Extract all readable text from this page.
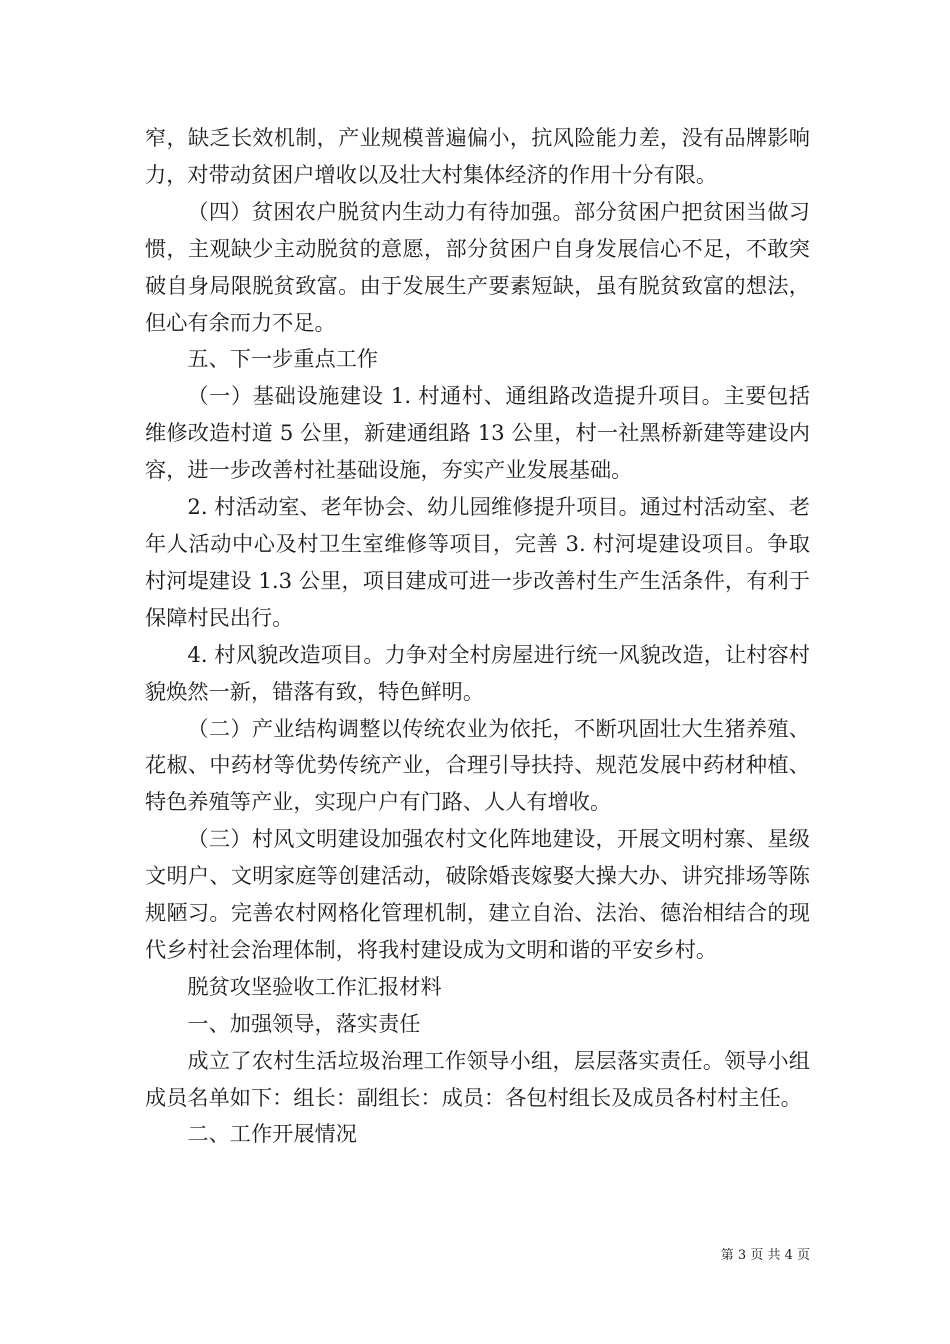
窄，缺乏长效机制，产业规模普遍偏小，抗风险能力差，没有品牌影响力，对带动贫困户增收以及壮大村集体经济的作用十分有限。

（四）贫困农户脱贫内生动力有待加强。部分贫困户把贫困当做习惯，主观缺少主动脱贫的意愿，部分贫困户自身发展信心不足，不敢突破自身局限脱贫致富。由于发展生产要素短缺，虽有脱贫致富的想法，但心有余而力不足。

五、下一步重点工作

（一）基础设施建设 1. 村通村、通组路改造提升项目。主要包括维修改造村道 5 公里，新建通组路 13 公里，村一社黑桥新建等建设内容，进一步改善村社基础设施，夯实产业发展基础。

2. 村活动室、老年协会、幼儿园维修提升项目。通过村活动室、老年人活动中心及村卫生室维修等项目，完善 3. 村河堤建设项目。争取村河堤建设 1.3 公里，项目建成可进一步改善村生产生活条件，有利于保障村民出行。

4. 村风貌改造项目。力争对全村房屋进行统一风貌改造，让村容村貌焕然一新，错落有致，特色鲜明。

（二）产业结构调整以传统农业为依托，不断巩固壮大生猪养殖、花椒、中药材等优势传统产业，合理引导扶持、规范发展中药材种植、特色养殖等产业，实现户户有门路、人人有增收。

（三）村风文明建设加强农村文化阵地建设，开展文明村寨、星级文明户、文明家庭等创建活动，破除婚丧嫁娶大操大办、讲究排场等陈规陋习。完善农村网格化管理机制，建立自治、法治、德治相结合的现代乡村社会治理体制，将我村建设成为文明和谐的平安乡村。

脱贫攻坚验收工作汇报材料

一、加强领导，落实责任

成立了农村生活垃圾治理工作领导小组，层层落实责任。领导小组成员名单如下：组长：副组长：成员：各包村组长及成员各村村主任。

二、工作开展情况

第 3 页 共 4 页
